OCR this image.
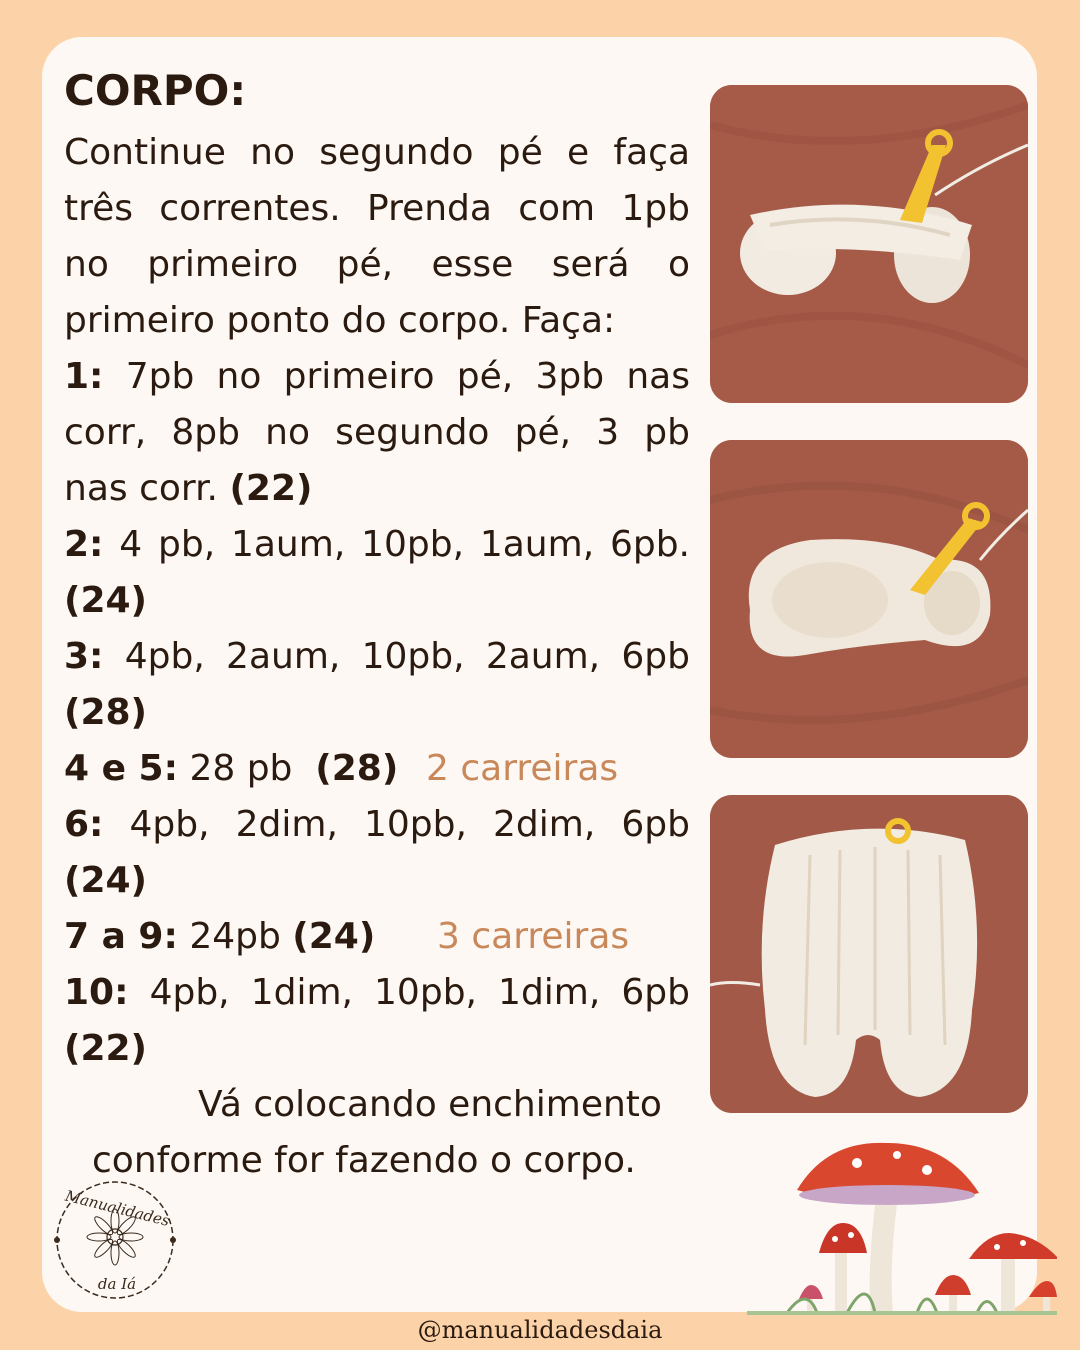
CORPO:
Continue no segundo pé e faça
três correntes. Prenda com 1pb
no primeiro pé, esse será o
primeiro ponto do corpo. Faça:
1: 7pb no primeiro pé, 3pb nas
corr, 8pb no segundo pé, 3 pb
nas corr. (22)
2: 4 pb, 1aum, 10pb, 1aum, 6pb.
(24)
3: 4pb, 2aum, 10pb, 2aum, 6pb
(28)
4 e 5: 28 pb (28) 2 carreiras
6: 4pb, 2dim, 10pb, 2dim, 6pb
(24)
7 a 9: 24pb (24) 3 carreiras
10: 4pb, 1dim, 10pb, 1dim, 6pb
(22)
Vá colocando enchimento
conforme for fazendo o corpo.
Manualidades
da Iá
@manualidadesdaia
